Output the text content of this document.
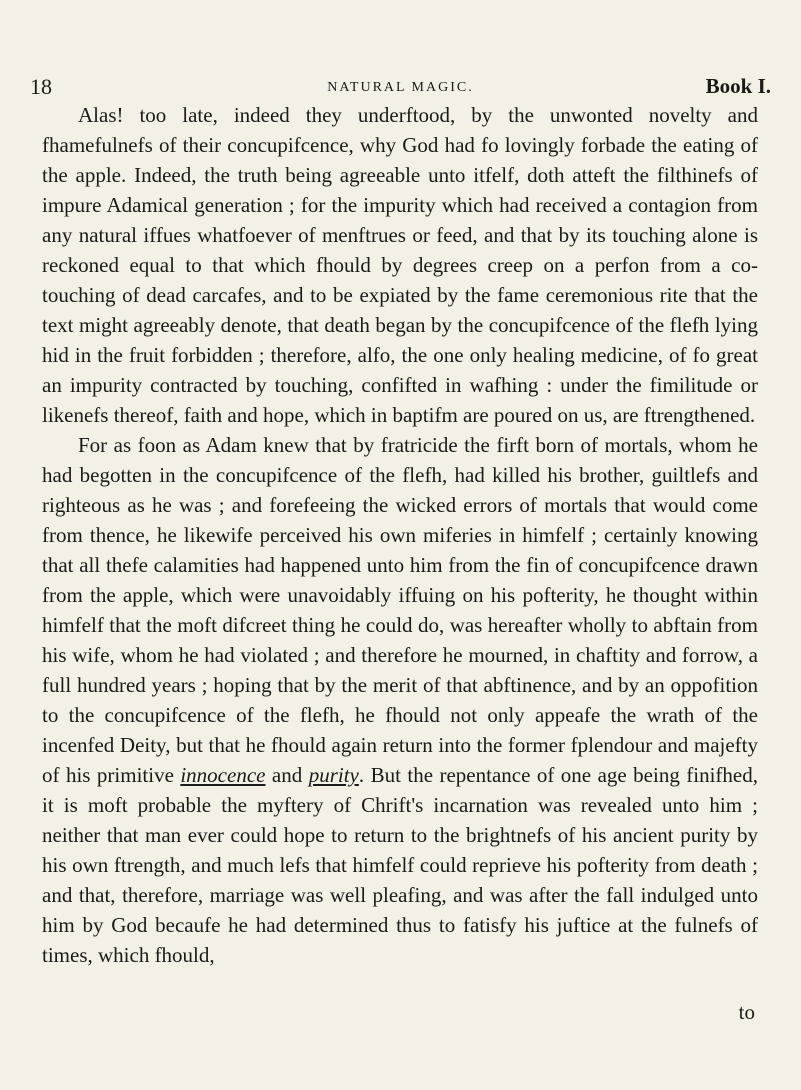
18	NATURAL MAGIC.	Book I.

Alas! too late, indeed they underftood, by the unwonted novelty and fhamefulnefs of their concupifcence, why God had fo lovingly forbade the eating of the apple. Indeed, the truth being agreeable unto itfelf, doth atteft the filthinefs of impure Adamical generation ; for the impurity which had received a contagion from any natural iffues whatfoever of menftrues or feed, and that by its touching alone is reckoned equal to that which fhould by degrees creep on a perfon from a co-touching of dead carcafes, and to be expiated by the fame ceremonious rite that the text might agreeably denote, that death began by the concupifcence of the flefh lying hid in the fruit forbidden ; therefore, alfo, the one only healing medicine, of fo great an impurity contracted by touching, confifted in wafhing : under the fimilitude or likenefs thereof, faith and hope, which in baptifm are poured on us, are ftrengthened.

For as foon as Adam knew that by fratricide the firft born of mortals, whom he had begotten in the concupifcence of the flefh, had killed his brother, guiltlefs and righteous as he was ; and forefeeing the wicked errors of mortals that would come from thence, he likewife perceived his own miferies in himfelf ; certainly knowing that all thefe calamities had happened unto him from the fin of concupifcence drawn from the apple, which were unavoidably iffuing on his pofterity, he thought within himfelf that the moft difcreet thing he could do, was hereafter wholly to abftain from his wife, whom he had violated ; and therefore he mourned, in chaftity and forrow, a full hundred years ; hoping that by the merit of that abftinence, and by an oppofition to the concupifcence of the flefh, he fhould not only appeafe the wrath of the incenfed Deity, but that he fhould again return into the former fplendour and majefty of his primitive innocence and purity. But the repentance of one age being finifhed, it is moft probable the myftery of Chrift's incarnation was revealed unto him ; neither that man ever could hope to return to the brightnefs of his ancient purity by his own ftrength, and much lefs that himfelf could reprieve his pofterity from death ; and that, therefore, marriage was well pleafing, and was after the fall indulged unto him by God becaufe he had determined thus to fatisfy his juftice at the fulnefs of times, which fhould,

to
